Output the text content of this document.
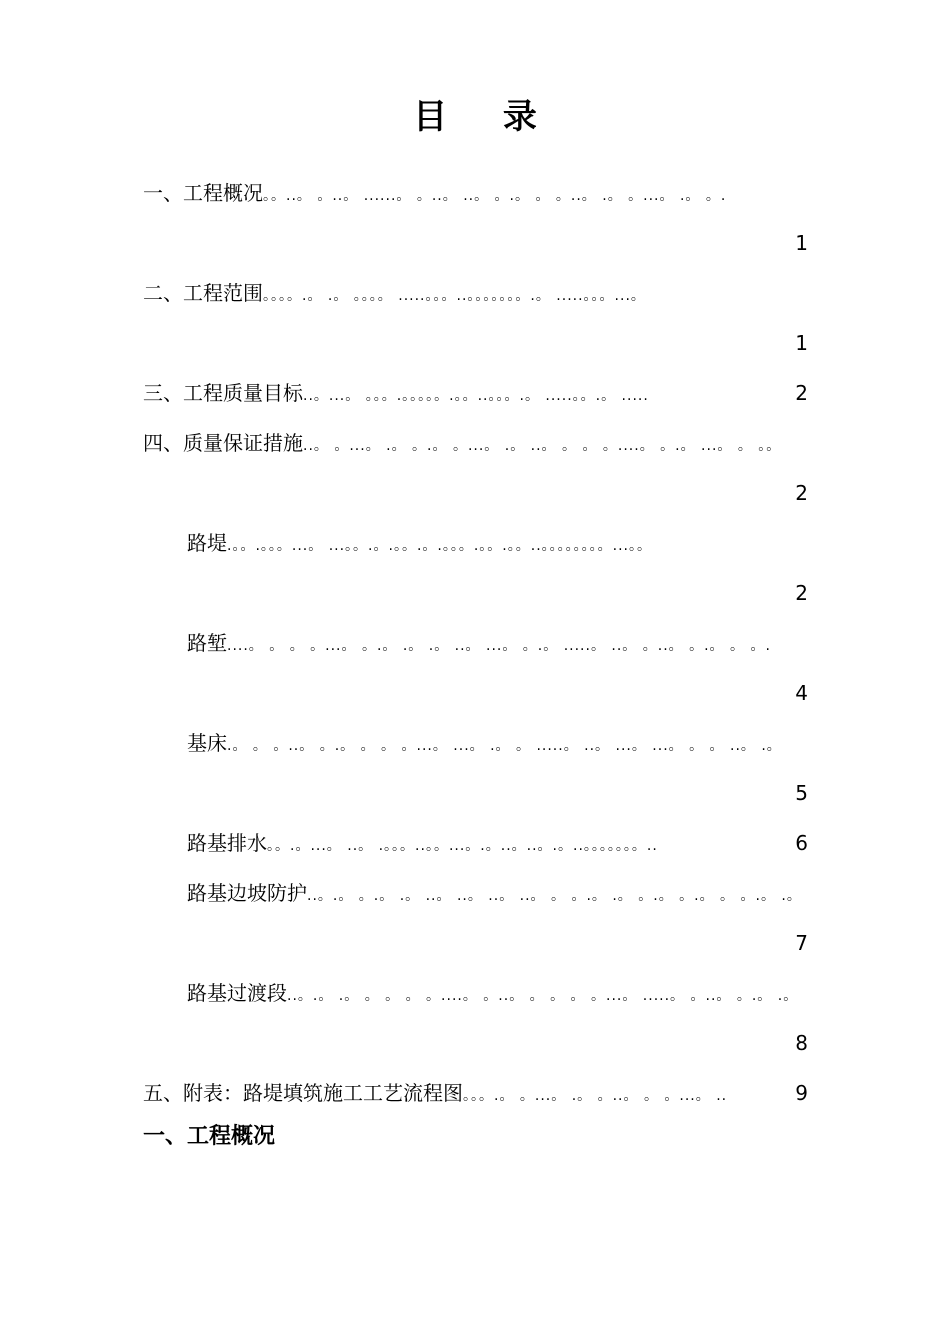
目 录
一、工程概况 。。..。 。..。 ......。 。..。 ..。 。.。 。 。..。 .。 。...。 .。 。.
1
二、工程范围 。。。。.。 .。 。。。。 .....。。。..。。。。。。。.。 .....。。。...。
1
三、工程质量目标 ..。...。 。。。.。。。。。.。。..。。。.。 .....。。.。 .....	2
四、质量保证措施 ..。 。...。 .。 。.。 。...。 .。 ..。 。 。 。....。 。.。 ...。 。 。。
2
路堤 .。。.。。。...。 ...。。.。.。。.。.。。。.。。.。。..。。。。。。。。...。。
2
路堑 ....。 。 。 。...。 。.。 .。 .。 ..。 ...。 。.。 .....。 ..。 。..。 。.。 。 。.
4
基床 .。 。 。..。 。.。 。 。 。...。 ...。 .。 。 .....。 ..。 ...。 ...。 。 。 ..。 .。
5
路基排水 。。.。...。 ..。 .。。。..。。...。.。..。..。.。..。。。。。。。..	6
路基边坡防护 ..。.。 。.。 .。 ..。 ..。 ..。 ..。 。 。.。 .。 。.。 。.。 。 。.。 .。
7
路基过渡段 ..。.。 .。 。 。 。 。....。 。..。 。 。 。 。...。 .....。 。..。 。.。 .。
8
五、附表：路堤填筑施工工艺流程图 。。。.。 。...。 .。 。..。 。 。...。 ..	9
一、工程概况
